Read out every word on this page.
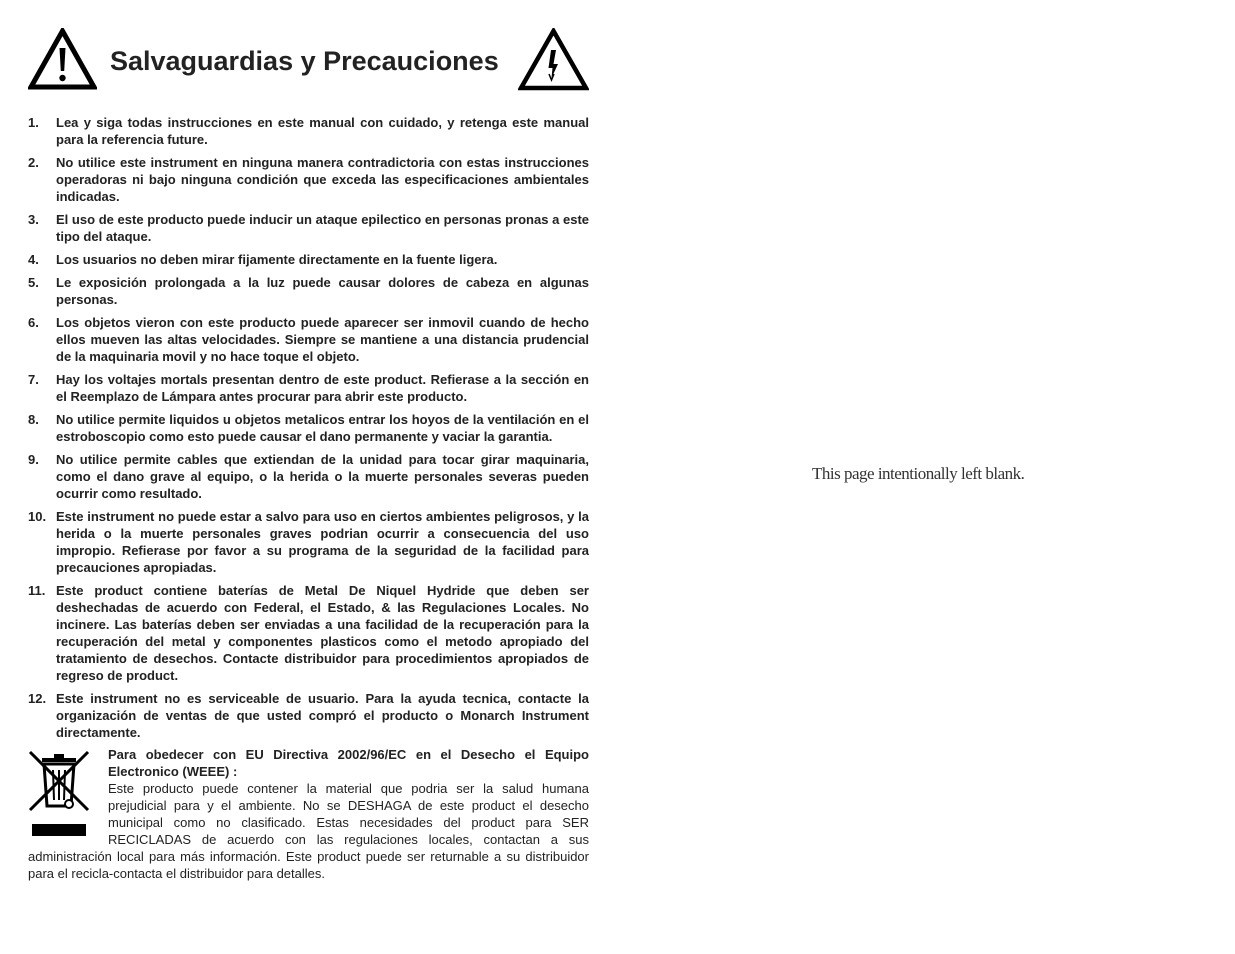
Salvaguardias y Precauciones
1.	Lea y siga todas instrucciones en este manual con cuidado, y retenga este manual para la referencia future.
2.	No utilice este instrument en ninguna manera contradictoria con estas instrucciones operadoras ni bajo ninguna condición que exceda las especificaciones ambientales indicadas.
3.	El uso de este producto puede inducir un ataque epilectico en personas pronas a este tipo del ataque.
4.	Los usuarios no deben mirar fijamente directamente en la fuente ligera.
5.	Le exposición prolongada a la luz puede causar dolores de cabeza en algunas personas.
6.	Los objetos vieron con este producto puede aparecer ser inmovil cuando de hecho ellos mueven las altas velocidades. Siempre se mantiene a una distancia prudencial de la maquinaria movil y no hace toque el objeto.
7.	Hay los voltajes mortals presentan dentro de este product. Refierase a la sección en el Reemplazo de Lámpara antes procurar para abrir este producto.
8.	No utilice permite liquidos u objetos metalicos entrar los hoyos de la ventilación en el estroboscopio como esto puede causar el dano permanente y vaciar la garantia.
9.	No utilice permite cables que extiendan de la unidad para tocar girar maquinaria, como el dano grave al equipo, o la herida o la muerte personales severas pueden ocurrir como resultado.
10. Este instrument no puede estar a salvo para uso en ciertos ambientes peligrosos, y la herida o la muerte personales graves podrian ocurrir a consecuencia del uso impropio. Refierase por favor a su programa de la seguridad de la facilidad para precauciones apropiadas.
11. Este product contiene baterías de Metal De Niquel Hydride que deben ser deshechadas de acuerdo con Federal, el Estado, & las Regulaciones Locales. No incinere. Las baterías deben ser enviadas a una facilidad de la recuperación para la recuperación del metal y componentes plasticos como el metodo apropiado del tratamiento de desechos. Contacte distribuidor para procedimientos apropiados de regreso de product.
12. Este instrument no es serviceable de usuario. Para la ayuda tecnica, contacte la organización de ventas de que usted compró el producto o Monarch Instrument directamente.
Para obedecer con EU Directiva 2002/96/EC en el Desecho el Equipo Electronico (WEEE) :
Este producto puede contener la material que podria ser la salud humana prejudicial para y el ambiente. No se DESHAGA de este product el desecho municipal como no clasificado. Estas necesidades del product para SER RECICLADAS de acuerdo con las regulaciones locales, contactan a sus administración local para más información. Este product puede ser returnable a su distribuidor para el recicla-contacta el distribuidor para detalles.
This page intentionally left blank.
